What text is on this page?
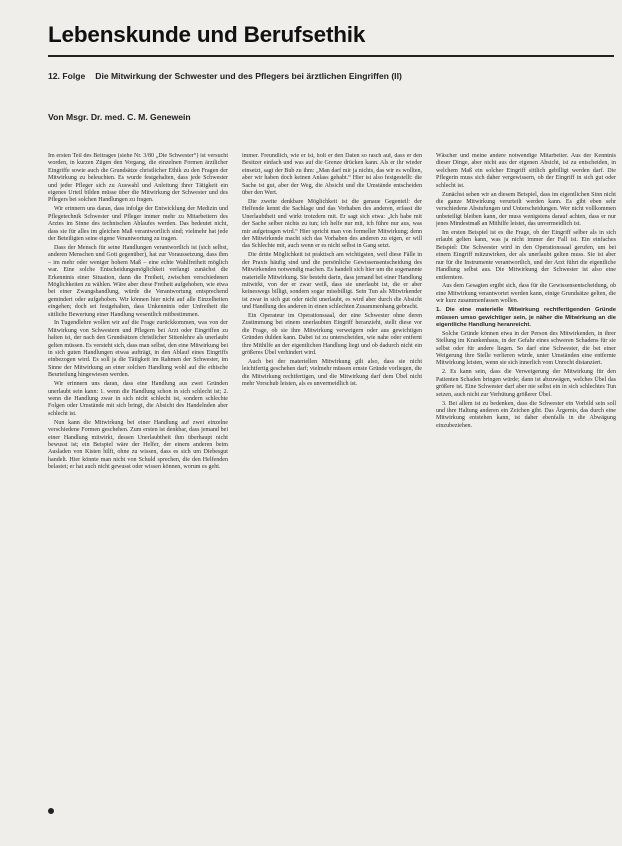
Lebenskunde und Berufsethik
12. Folge Die Mitwirkung der Schwester und des Pflegers bei ärztlichen Eingriffen (II)
Von Msgr. Dr. med. C. M. Genewein

Im ersten Teil des Beitrages (siehe Nr. 3/80 „Die Schwester“) ist versucht worden, in kurzen Zügen den Vorgang, die einzelnen Formen ärztlicher Eingriffe sowie auch die Grundsätze christlicher Ethik zu den Fragen der Mitwirkung zu beleuchten. Es wurde festgehalten, dass jede Schwester und jeder Pfleger sich zu Auswahl und Anleitung ihrer Tätigkeit ein eigenes Urteil bilden müsse über die Mitwirkung der Schwester und des Pflegers bei solchen Handlungen zu fragen.

Wir erinnern uns daran, dass infolge der Entwicklung der Medizin und Pflegetechnik Schwester und Pfleger immer mehr zu Mitarbeitern des Arztes im Sinne des technischen Ablaufes werden. Das bedeutet nicht, dass sie für alles im gleichen Maß verantwortlich sind; vielmehr hat jede der Beteiligten seine eigene Verantwortung zu tragen.

Dass der Mensch für seine Handlungen verantwortlich ist (sich selbst, anderen Menschen und Gott gegenüber), hat zur Voraussetzung, dass ihm – im mehr oder weniger hohem Maß – eine echte Wahlfreiheit möglich war. Eine solche Entscheidungsmöglichkeit verlangt zunächst die Erkenntnis einer Situation, dann die Freiheit, zwischen verschiedenen Möglichkeiten zu wählen. Wäre aber diese Freiheit aufgehoben, wie etwa bei einer Zwangshandlung, würde die Verantwortung entsprechend gemindert oder aufgehoben. Wir können hier nicht auf alle Einzelheiten eingehen; doch sei festgehalten, dass Unkenntnis oder Unfreiheit die sittliche Bewertung einer Handlung wesentlich mitbestimmen.

In Tugendlehre wollen wir auf die Frage zurückkommen, was von der Mitwirkung von Schwestern und Pflegern bei Arzt oder Eingriffen zu halten ist, der nach den Grundsätzen christlicher Sittenlehre als unerlaubt gelten müssen. Es versteht sich, dass man selbst, den eine Mitwirkung bei in sich guten Handlungen etwas aufträgt, in den Ablauf eines Eingriffs einbezogen wird. Es soll ja die Tätigkeit im Rahmen der Schwester, im Sinne der Mitwirkung an einer solchen Handlung wohl auf die ethische Beurteilung hingewiesen werden.

Wir erinnern uns daran, dass eine Handlung aus zwei Gründen unerlaubt sein kann: 1. wenn die Handlung schon in sich schlecht ist; 2. wenn die Handlung zwar in sich nicht schlecht ist, sondern schlechte Folgen oder Umstände mit sich bringt, die Absicht des Handelnden aber schlecht ist.

Nun kann die Mitwirkung bei einer Handlung auf zwei einzelne verschiedene Formen geschehen. Zum ersten ist denkbar, dass jemand bei einer Handlung mitwirkt, dessen Unerlaubtheit ihm überhaupt nicht bewusst ist; ein Beispiel wäre der Helfer, der einem anderen beim Ausladen von Kisten hilft, ohne zu wissen, dass es sich um Diebesgut handelt. Hier könnte man nicht von Schuld sprechen, die den Helfenden belastet; er hat auch nicht gewusst oder wissen können, worum es geht.

immer. Freundlich, wie er ist, holt er den Daten so rasch auf, dass er den Besitzer einfach und was auf die Grenze drücken kann. Als er ihr wieder einsetzt, sagt der Bub zu ihm: „Man darf mir ja nichts, das wir es wollten, aber wir haben doch keinen Anlass gehabt.“ Hier ist also festgestellt: die Sache ist gut, aber der Weg, die Absicht und die Umstände entscheiden über den Wert.

Die zweite denkbare Möglichkeit ist die genaue Gegenteil: der Helfende kennt die Sachlage und das Vorhaben des anderen, erfasst die Unerlaubtheit und wirkt trotzdem mit. Er sagt sich etwa: „Ich habe mit der Sache selber nichts zu tun; ich helfe nur mit, ich führe nur aus, was mir aufgetragen wird.“ Hier spricht man von formeller Mitwirkung; denn der Mitwirkende macht sich das Vorhaben des anderen zu eigen, er will das Schlechte mit, auch wenn er es nicht selbst in Gang setzt.

Die dritte Möglichkeit ist praktisch am wichtigsten, weil diese Fälle in der Praxis häufig sind und die persönliche Gewissensentscheidung des Mitwirkenden notwendig machen. Es handelt sich hier um die sogenannte materielle Mitwirkung. Sie besteht darin, dass jemand bei einer Handlung mitwirkt, von der er zwar weiß, dass sie unerlaubt ist, die er aber keineswegs billigt, sondern sogar missbilligt. Sein Tun als Mitwirkender ist zwar in sich gut oder nicht unerlaubt, es wird aber durch die Absicht und Handlung des anderen in einen schlechten Zusammenhang gebracht.

Ein Operateur im Operationssaal, der eine Schwester ohne deren Zustimmung bei einem unerlaubten Eingriff heranzieht, stellt diese vor die Frage, ob sie ihre Mitwirkung verweigern oder aus gewichtigen Gründen dulden kann. Dabei ist zu unterscheiden, wie nahe oder entfernt ihre Mithilfe an der eigentlichen Handlung liegt und ob dadurch nicht ein größeres Übel verhindert wird.

Auch bei der materiellen Mitwirkung gilt also, dass sie nicht leichtfertig geschehen darf; vielmehr müssen ernste Gründe vorliegen, die die Mitwirkung rechtfertigen, und die Mitwirkung darf dem Übel nicht mehr Vorschub leisten, als es unvermeidlich ist.

Wäscher und meine andere notwendige Mitarbeiter. Aus der Kenntnis dieser Dinge, aber nicht aus der eigenen Absicht, ist zu entscheiden, in welchem Maß ein solcher Eingriff sittlich gebilligt werden darf. Die Pflegerin muss sich daher vergewissern, ob der Eingriff in sich gut oder schlecht ist.

Zunächst sehen wir an diesem Beispiel, dass im eigentlichen Sinn nicht die ganze Mitwirkung verurteilt werden kann. Es gibt eben sehr verschiedene Abstufungen und Unterscheidungen. Wer nicht vollkommen unbeteiligt bleiben kann, der muss wenigstens darauf achten, dass er nur jenes Mindestmaß an Mithilfe leistet, das unvermeidlich ist.

Im ersten Beispiel ist es die Frage, ob der Eingriff selber als in sich erlaubt gelten kann, was ja nicht immer der Fall ist. Ein einfaches Beispiel: Die Schwester wird in den Operationssaal gerufen, um bei einem Eingriff mitzuwirken, der als unerlaubt gelten muss. Sie ist aber nur für die Instrumente verantwortlich, und der Arzt führt die eigentliche Handlung selbst aus. Die Mitwirkung der Schwester ist also eine entferntere.

Aus dem Gesagten ergibt sich, dass für die Gewissensentscheidung, ob eine Mitwirkung verantwortet werden kann, einige Grundsätze gelten, die wir kurz zusammenfassen wollen.

1. Die eine materielle Mitwirkung rechtfertigenden Gründe müssen umso gewichtiger sein, je näher die Mitwirkung an die eigentliche Handlung heranreicht.

Solche Gründe können etwa in der Person des Mitwirkenden, in ihrer Stellung im Krankenhaus, in der Gefahr eines schweren Schadens für sie selbst oder für andere liegen. So darf eine Schwester, die bei einer Weigerung ihre Stelle verlieren würde, unter Umständen eine entfernte Mitwirkung leisten, wenn sie sich innerlich vom Unrecht distanziert.

2. Es kann sein, dass die Verweigerung der Mitwirkung für den Patienten Schaden bringen würde; dann ist abzuwägen, welches Übel das größere ist. Eine Schwester darf aber nie selbst ein in sich schlechtes Tun setzen, auch nicht zur Verhütung größerer Übel.

3. Bei allem ist zu bedenken, dass die Schwester ein Vorbild sein soll und ihre Haltung anderen ein Zeichen gibt. Das Ärgernis, das durch eine Mitwirkung entstehen kann, ist daher ebenfalls in die Abwägung einzubeziehen.
